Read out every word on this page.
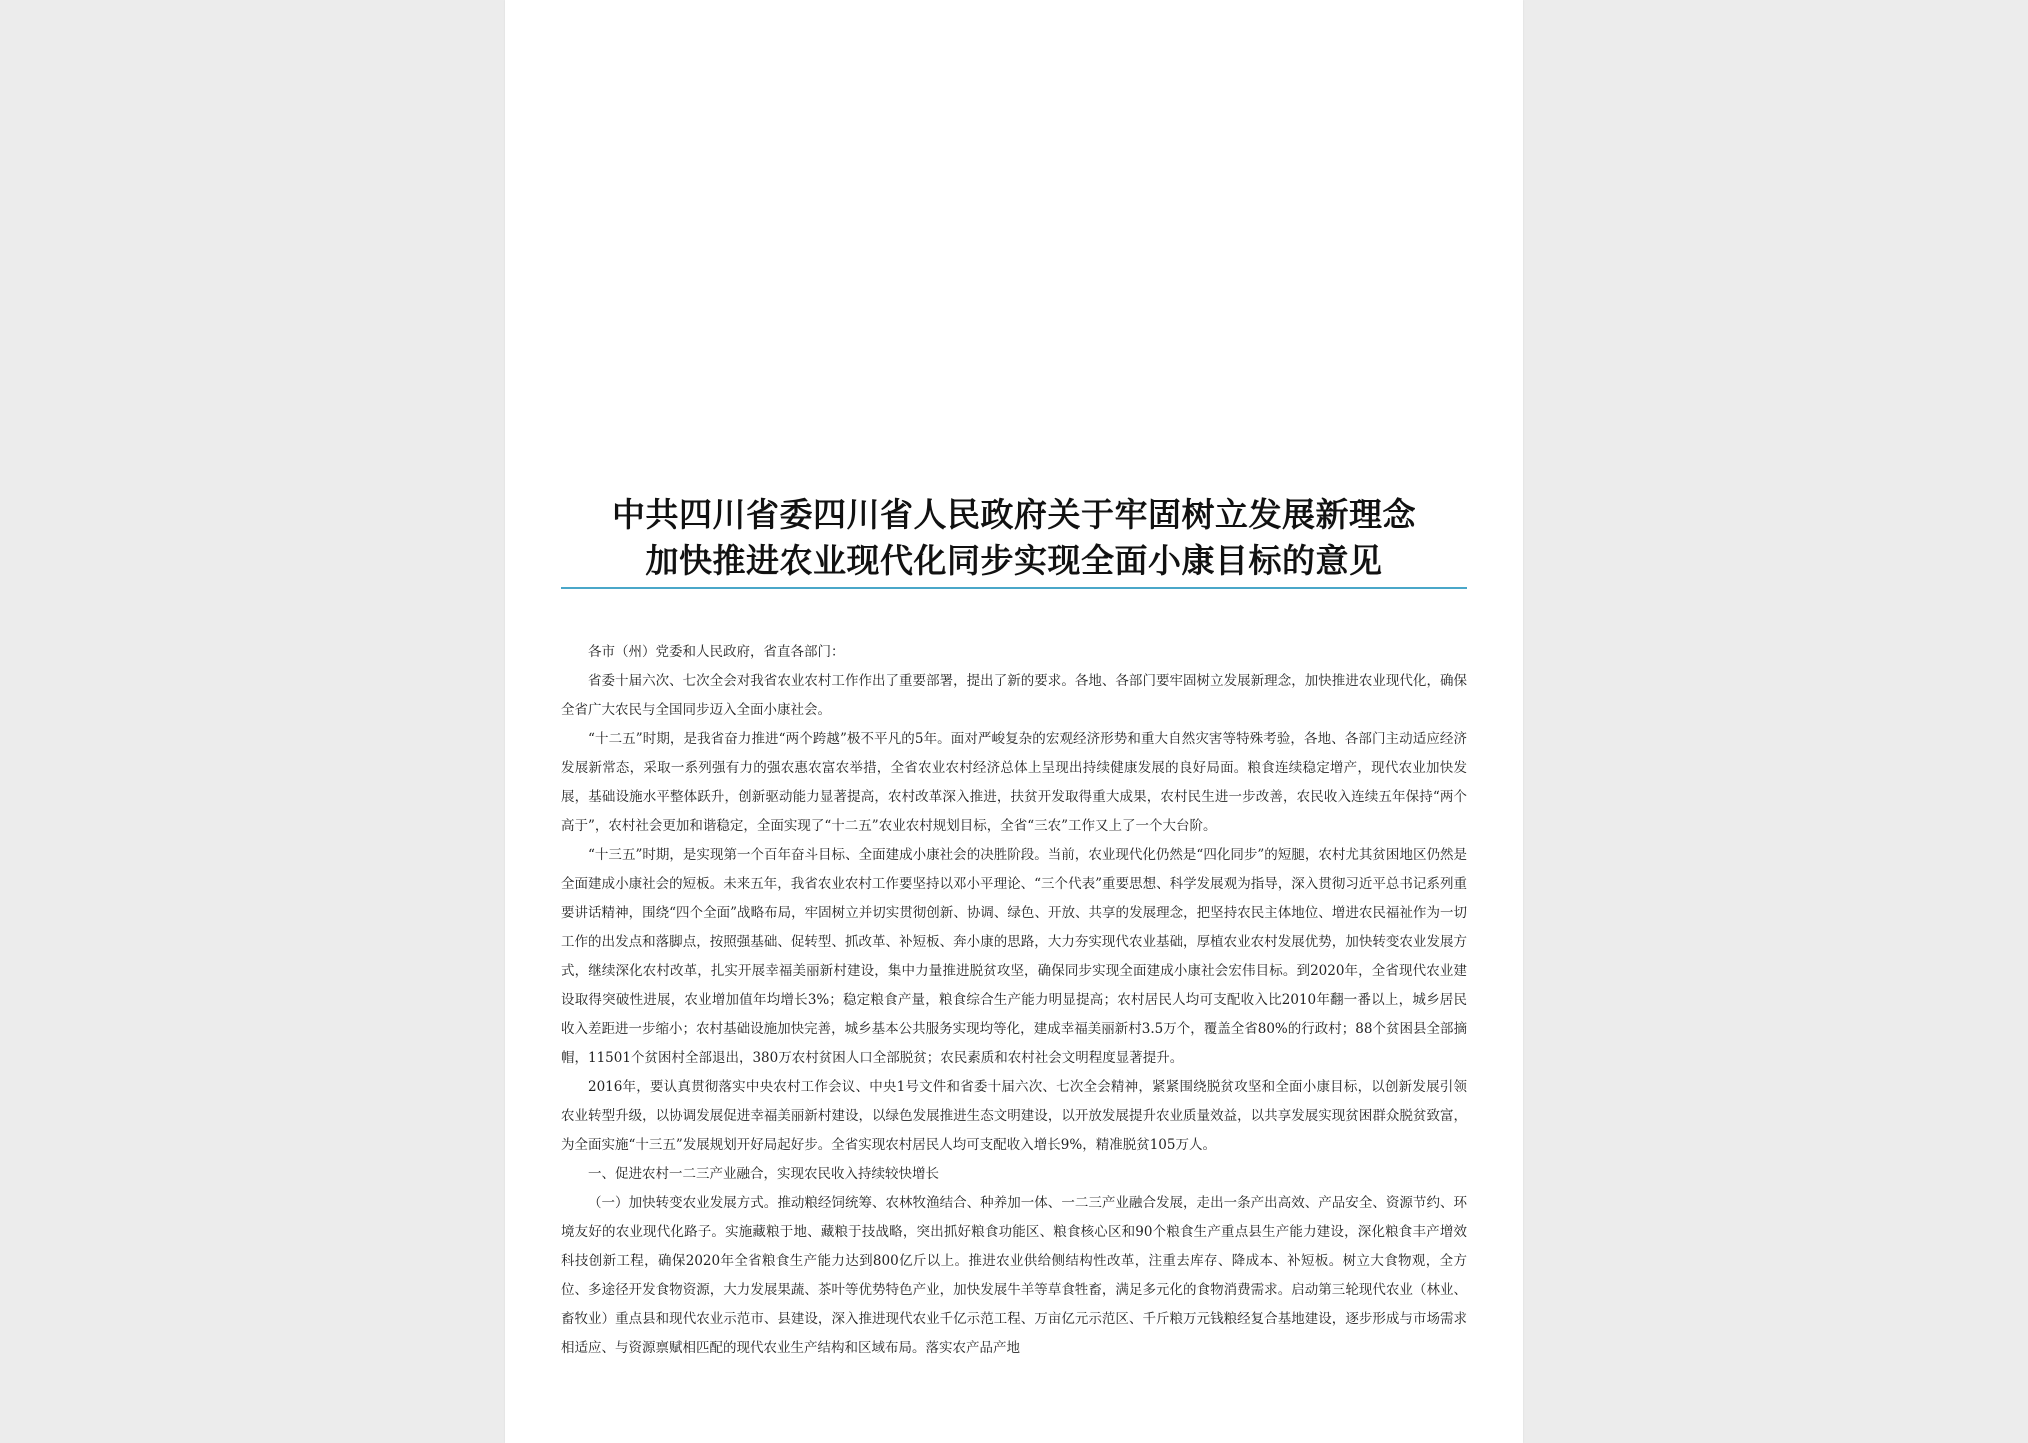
中共四川省委四川省人民政府关于牢固树立发展新理念
加快推进农业现代化同步实现全面小康目标的意见

各市（州）党委和人民政府，省直各部门：

省委十届六次、七次全会对我省农业农村工作作出了重要部署，提出了新的要求。各地、各部门要牢固树立发展新理念，加快推进农业现代化，确保全省广大农民与全国同步迈入全面小康社会。

“十二五”时期，是我省奋力推进“两个跨越”极不平凡的5年。面对严峻复杂的宏观经济形势和重大自然灾害等特殊考验，各地、各部门主动适应经济发展新常态，采取一系列强有力的强农惠农富农举措，全省农业农村经济总体上呈现出持续健康发展的良好局面。粮食连续稳定增产，现代农业加快发展，基础设施水平整体跃升，创新驱动能力显著提高，农村改革深入推进，扶贫开发取得重大成果，农村民生进一步改善，农民收入连续五年保持“两个高于”，农村社会更加和谐稳定，全面实现了“十二五”农业农村规划目标，全省“三农”工作又上了一个大台阶。

“十三五”时期，是实现第一个百年奋斗目标、全面建成小康社会的决胜阶段。当前，农业现代化仍然是“四化同步”的短腿，农村尤其贫困地区仍然是全面建成小康社会的短板。未来五年，我省农业农村工作要坚持以邓小平理论、“三个代表”重要思想、科学发展观为指导，深入贯彻习近平总书记系列重要讲话精神，围绕“四个全面”战略布局，牢固树立并切实贯彻创新、协调、绿色、开放、共享的发展理念，把坚持农民主体地位、增进农民福祉作为一切工作的出发点和落脚点，按照强基础、促转型、抓改革、补短板、奔小康的思路，大力夯实现代农业基础，厚植农业农村发展优势，加快转变农业发展方式，继续深化农村改革，扎实开展幸福美丽新村建设，集中力量推进脱贫攻坚，确保同步实现全面建成小康社会宏伟目标。到2020年，全省现代农业建设取得突破性进展，农业增加值年均增长3%；稳定粮食产量，粮食综合生产能力明显提高；农村居民人均可支配收入比2010年翻一番以上，城乡居民收入差距进一步缩小；农村基础设施加快完善，城乡基本公共服务实现均等化，建成幸福美丽新村3.5万个，覆盖全省80%的行政村；88个贫困县全部摘帽，11501个贫困村全部退出，380万农村贫困人口全部脱贫；农民素质和农村社会文明程度显著提升。

2016年，要认真贯彻落实中央农村工作会议、中央1号文件和省委十届六次、七次全会精神，紧紧围绕脱贫攻坚和全面小康目标，以创新发展引领农业转型升级，以协调发展促进幸福美丽新村建设，以绿色发展推进生态文明建设，以开放发展提升农业质量效益，以共享发展实现贫困群众脱贫致富，为全面实施“十三五”发展规划开好局起好步。全省实现农村居民人均可支配收入增长9%，精准脱贫105万人。

一、促进农村一二三产业融合，实现农民收入持续较快增长

（一）加快转变农业发展方式。推动粮经饲统筹、农林牧渔结合、种养加一体、一二三产业融合发展，走出一条产出高效、产品安全、资源节约、环境友好的农业现代化路子。实施藏粮于地、藏粮于技战略，突出抓好粮食功能区、粮食核心区和90个粮食生产重点县生产能力建设，深化粮食丰产增效科技创新工程，确保2020年全省粮食生产能力达到800亿斤以上。推进农业供给侧结构性改革，注重去库存、降成本、补短板。树立大食物观，全方位、多途径开发食物资源，大力发展果蔬、茶叶等优势特色产业，加快发展牛羊等草食牲畜，满足多元化的食物消费需求。启动第三轮现代农业（林业、畜牧业）重点县和现代农业示范市、县建设，深入推进现代农业千亿示范工程、万亩亿元示范区、千斤粮万元钱粮经复合基地建设，逐步形成与市场需求相适应、与资源禀赋相匹配的现代农业生产结构和区域布局。落实农产品产地
